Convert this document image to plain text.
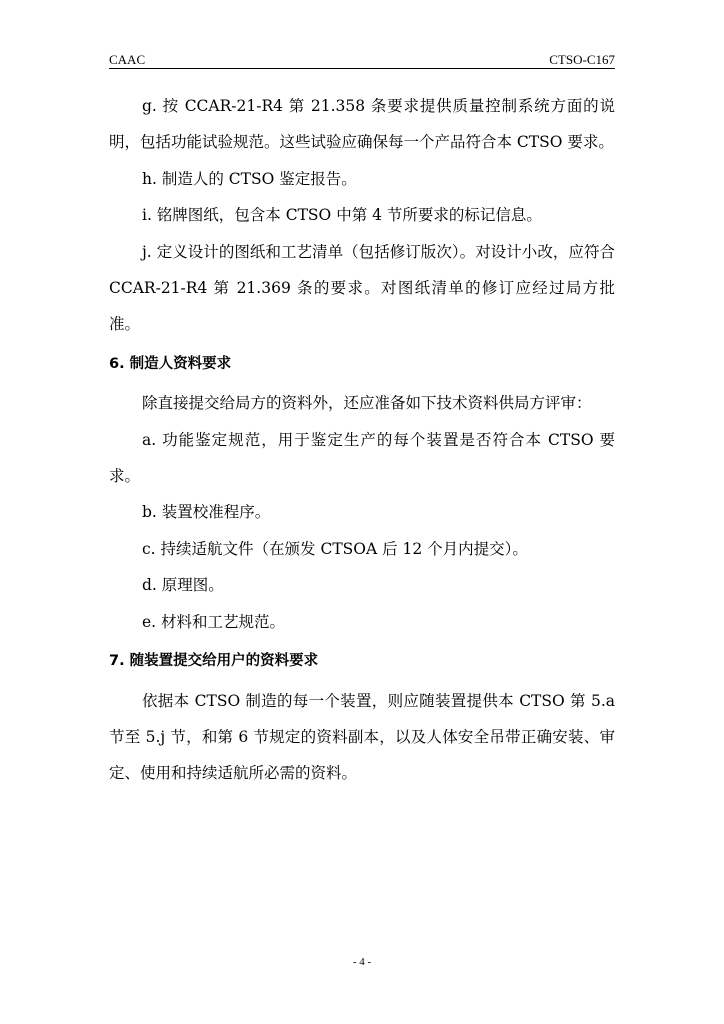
CAAC	CTSO-C167

g. 按 CCAR-21-R4 第 21.358 条要求提供质量控制系统方面的说明，包括功能试验规范。这些试验应确保每一个产品符合本 CTSO 要求。

h. 制造人的 CTSO 鉴定报告。

i. 铭牌图纸，包含本 CTSO 中第 4 节所要求的标记信息。

j. 定义设计的图纸和工艺清单（包括修订版次）。对设计小改，应符合 CCAR-21-R4 第 21.369 条的要求。对图纸清单的修订应经过局方批准。

6. 制造人资料要求

除直接提交给局方的资料外，还应准备如下技术资料供局方评审：

a. 功能鉴定规范，用于鉴定生产的每个装置是否符合本 CTSO 要求。

b. 装置校准程序。

c. 持续适航文件（在颁发 CTSOA 后 12 个月内提交）。

d. 原理图。

e. 材料和工艺规范。

7. 随装置提交给用户的资料要求

依据本 CTSO 制造的每一个装置，则应随装置提供本 CTSO 第 5.a 节至 5.j 节，和第 6 节规定的资料副本，以及人体安全吊带正确安装、审定、使用和持续适航所必需的资料。

- 4 -
